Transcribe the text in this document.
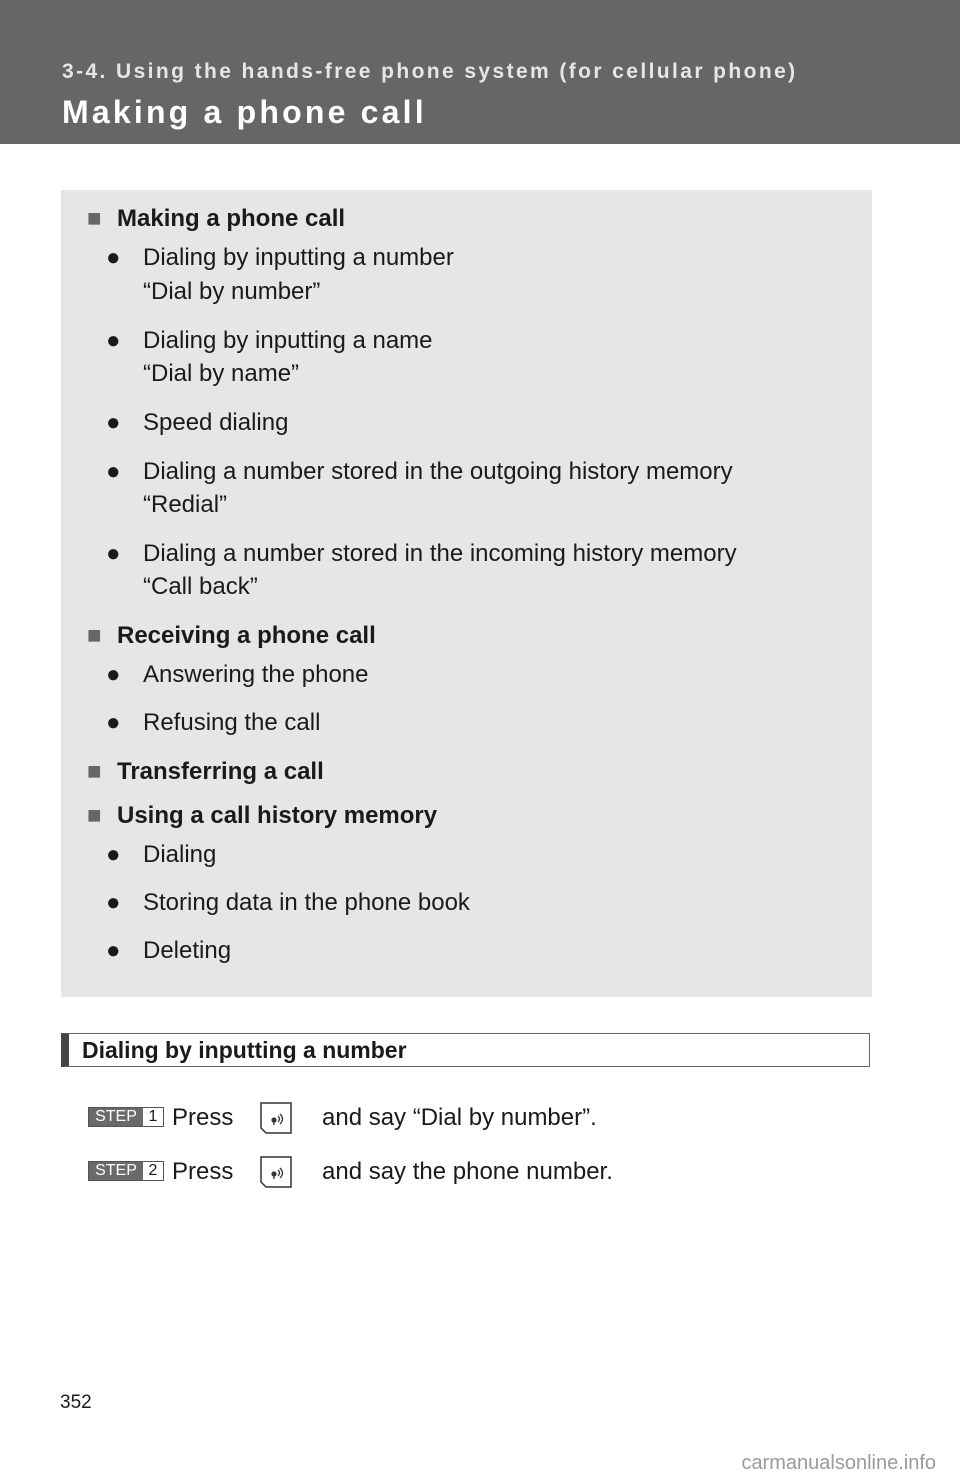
3-4. Using the hands-free phone system (for cellular phone)

Making a phone call
■ Making a phone call
● Dialing by inputting a number
“Dial by number”
● Dialing by inputting a name
“Dial by name”
● Speed dialing
● Dialing a number stored in the outgoing history memory
“Redial”
● Dialing a number stored in the incoming history memory
“Call back”
■ Receiving a phone call
● Answering the phone
● Refusing the call
■ Transferring a call
■ Using a call history memory
● Dialing
● Storing data in the phone book
● Deleting
Dialing by inputting a number
STEP 1 Press	and say “Dial by number”.
STEP 2 Press	and say the phone number.

352

carmanualsonline.info
